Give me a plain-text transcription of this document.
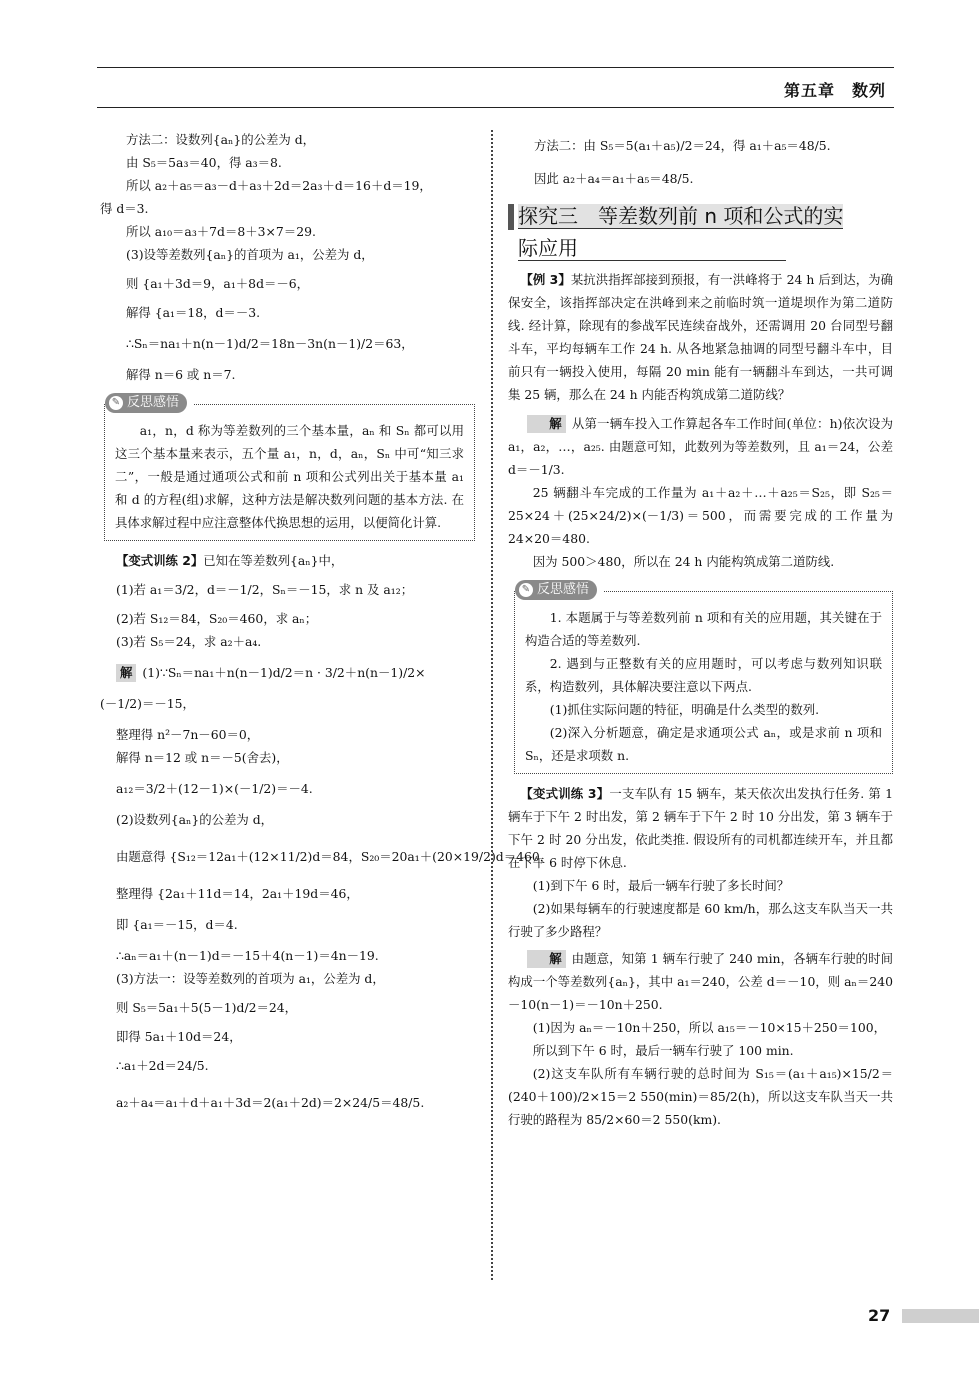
第五章　数列
方法二：设数列{aₙ}的公差为 d，
由 S₅＝5a₃＝40，得 a₃＝8.
所以 a₂＋a₅＝a₃－d＋a₃＋2d＝2a₃＋d＝16＋d＝19，
得 d＝3.
所以 a₁₀＝a₃＋7d＝8＋3×7＝29.
(3)设等差数列{aₙ}的首项为 a₁，公差为 d，
则 {a₁＋3d＝9，a₁＋8d＝－6，
解得 {a₁＝18，d＝－3.
∴Sₙ＝na₁＋n(n－1)d/2＝18n－3n(n－1)/2＝63，
解得 n＝6 或 n＝7.
✎ 反思感悟
a₁，n，d 称为等差数列的三个基本量，aₙ 和 Sₙ 都可以用这三个基本量来表示，五个量 a₁，n，d，aₙ，Sₙ 中可“知三求二”，一般是通过通项公式和前 n 项和公式列出关于基本量 a₁ 和 d 的方程(组)求解，这种方法是解决数列问题的基本方法. 在具体求解过程中应注意整体代换思想的运用，以便简化计算.
【变式训练 2】已知在等差数列{aₙ}中，
(1)若 a₁＝3/2，d＝－1/2，Sₙ＝－15，求 n 及 a₁₂；
(2)若 S₁₂＝84，S₂₀＝460，求 aₙ；
(3)若 S₅＝24，求 a₂＋a₄.
解 (1)∵Sₙ＝na₁＋n(n－1)d/2＝n · 3/2＋n(n－1)/2×
(－1/2)＝－15，
整理得 n²－7n－60＝0，
解得 n＝12 或 n＝－5(舍去)，
a₁₂＝3/2＋(12－1)×(－1/2)＝－4.
(2)设数列{aₙ}的公差为 d，
由题意得 {S₁₂＝12a₁＋(12×11/2)d＝84，S₂₀＝20a₁＋(20×19/2)d＝460，
整理得 {2a₁＋11d＝14，2a₁＋19d＝46，
即 {a₁＝－15，d＝4.
∴aₙ＝a₁＋(n－1)d＝－15＋4(n－1)＝4n－19.
(3)方法一：设等差数列的首项为 a₁，公差为 d，
则 S₅＝5a₁＋5(5－1)d/2＝24，
即得 5a₁＋10d＝24，
∴a₁＋2d＝24/5.
a₂＋a₄＝a₁＋d＋a₁＋3d＝2(a₁＋2d)＝2×24/5＝48/5.
方法二：由 S₅＝5(a₁＋a₅)/2＝24，得 a₁＋a₅＝48/5.
因此 a₂＋a₄＝a₁＋a₅＝48/5.
探究三　等差数列前 n 项和公式的实
际应用
【例 3】某抗洪指挥部接到预报，有一洪峰将于 24 h 后到达，为确保安全，该指挥部决定在洪峰到来之前临时筑一道堤坝作为第二道防线. 经计算，除现有的参战军民连续奋战外，还需调用 20 台同型号翻斗车，平均每辆车工作 24 h. 从各地紧急抽调的同型号翻斗车中，目前只有一辆投入使用，每隔 20 min 能有一辆翻斗车到达，一共可调集 25 辆，那么在 24 h 内能否构筑成第二道防线？
解 从第一辆车投入工作算起各车工作时间(单位：h)依次设为 a₁，a₂，…，a₂₅. 由题意可知，此数列为等差数列，且 a₁＝24，公差 d＝－1/3.
25 辆翻斗车完成的工作量为 a₁＋a₂＋…＋a₂₅＝S₂₅，即 S₂₅＝25×24＋(25×24/2)×(－1/3)＝500，而需要完成的工作量为 24×20＝480.
因为 500＞480，所以在 24 h 内能构筑成第二道防线.
✎ 反思感悟
1. 本题属于与等差数列前 n 项和有关的应用题，其关键在于构造合适的等差数列.
2. 遇到与正整数有关的应用题时，可以考虑与数列知识联系，构造数列，具体解决要注意以下两点.
(1)抓住实际问题的特征，明确是什么类型的数列.
(2)深入分析题意，确定是求通项公式 aₙ，或是求前 n 项和 Sₙ，还是求项数 n.
【变式训练 3】一支车队有 15 辆车，某天依次出发执行任务. 第 1 辆车于下午 2 时出发，第 2 辆车于下午 2 时 10 分出发，第 3 辆车于下午 2 时 20 分出发，依此类推. 假设所有的司机都连续开车，并且都在下午 6 时停下休息.
(1)到下午 6 时，最后一辆车行驶了多长时间？
(2)如果每辆车的行驶速度都是 60 km/h，那么这支车队当天一共行驶了多少路程？
解 由题意，知第 1 辆车行驶了 240 min，各辆车行驶的时间构成一个等差数列{aₙ}，其中 a₁＝240，公差 d＝－10，则 aₙ＝240－10(n－1)＝－10n＋250.
(1)因为 aₙ＝－10n＋250，所以 a₁₅＝－10×15＋250＝100，
所以到下午 6 时，最后一辆车行驶了 100 min.
(2)这支车队所有车辆行驶的总时间为 S₁₅＝(a₁＋a₁₅)×15/2＝(240＋100)/2×15＝2 550(min)＝85/2(h)，所以这支车队当天一共行驶的路程为 85/2×60＝2 550(km).
27
